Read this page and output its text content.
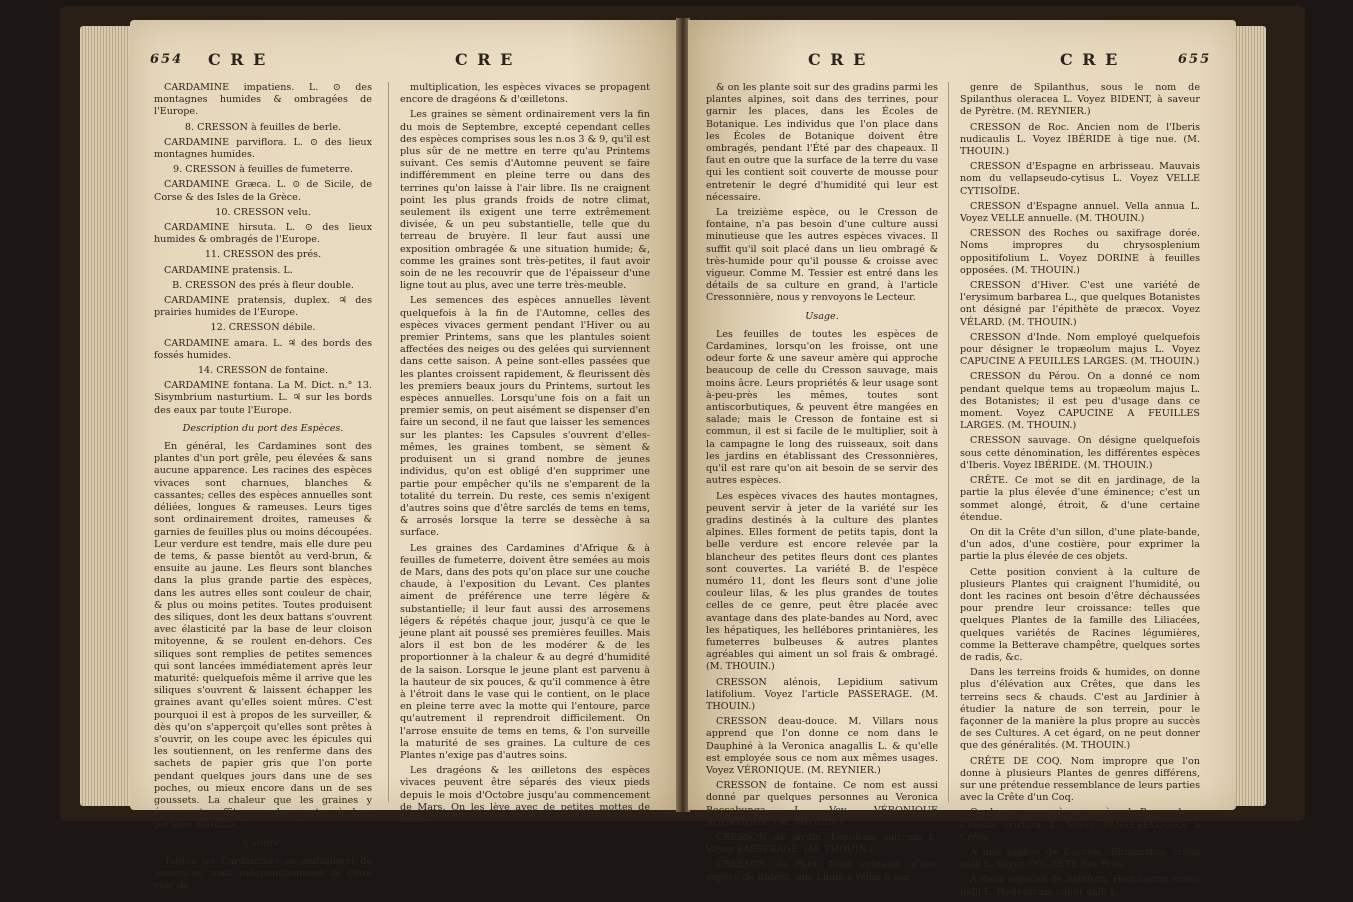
654 C R E	C R E

CARDAMINE impatiens. L. ⊙ des montagnes humides & ombragées de l'Europe.

8. CRESSON à feuilles de berle.

CARDAMINE parviflora. L. ⊙ des lieux montagnes humides.

9. CRESSON à feuilles de fumeterre.

CARDAMINE Græca. L. ⊙ de Sicile, de Corse & des Isles de la Grèce.

10. CRESSON velu.

CARDAMINE hirsuta. L. ⊙ des lieux humides & ombragés de l'Europe.

11. CRESSON des prés.

CARDAMINE pratensis. L.

B. CRESSON des prés à fleur double.

CARDAMINE pratensis, duplex. ♃ des prairies humides de l'Europe.

12. CRESSON débile.

CARDAMINE amara. L. ♃ des bords des fossés humides.

14. CRESSON de fontaine.

CARDAMINE fontana. La M. Dict. n.° 13. Sisymbrium nasturtium. L. ♃ sur les bords des eaux par toute l'Europe.

Description du port des Espèces.

En général, les Cardamines sont des plantes d'un port grêle, peu élevées & sans aucune apparence. Les racines des espèces vivaces sont charnues, blanches & cassantes; celles des espèces annuelles sont déliées, longues & rameuses. Leurs tiges sont ordinairement droites, rameuses & garnies de feuilles plus ou moins découpées. Leur verdure est tendre, mais elle dure peu de tems, & passe bientôt au verd-brun, & ensuite au jaune. Les fleurs sont blanches dans la plus grande partie des espèces, dans les autres elles sont couleur de chair, & plus ou moins petites. Toutes produisent des siliques, dont les deux battans s'ouvrent avec élasticité par la base de leur cloison mitoyenne, & se roulent en-dehors. Ces siliques sont remplies de petites semences qui sont lancées immédiatement après leur maturité: quelquefois même il arrive que les siliques s'ouvrent & laissent échapper les graines avant qu'elles soient mûres. C'est pourquoi il est à propos de les surveiller, & dès qu'on s'apperçoit qu'elles sont prêtes à s'ouvrir, on les coupe avec les épicules qui les soutiennent, on les renferme dans des sachets de papier gris que l'on porte pendant quelques jours dans une de ses poches, ou mieux encore dans un de ses goussets. La chaleur que les graines y éprouvent suffit pour les porter à leur parfaite maturité.

Culture.

Toutes les Cardamines se multiplient de semences, mais indépendamment de cette voie de

multiplication, les espèces vivaces se propagent encore de dragéons & d'œilletons.

Les graines se sèment ordinairement vers la fin du mois de Septembre, excepté cependant celles des espèces comprises sous les n.os 3 & 9, qu'il est plus sûr de ne mettre en terre qu'au Printems suivant. Ces semis d'Automne peuvent se faire indifféremment en pleine terre ou dans des terrines qu'on laisse à l'air libre. Ils ne craignent point les plus grands froids de notre climat, seulement ils exigent une terre extrêmement divisée, & un peu substantielle, telle que du terreau de bruyère. Il leur faut aussi une exposition ombragée & une situation humide; &, comme les graines sont très-petites, il faut avoir soin de ne les recouvrir que de l'épaisseur d'une ligne tout au plus, avec une terre très-meuble.

Les semences des espèces annuelles lèvent quelquefois à la fin de l'Automne, celles des espèces vivaces germent pendant l'Hiver ou au premier Printems, sans que les plantules soient affectées des neiges ou des gelées qui surviennent dans cette saison. A peine sont-elles passées que les plantes croissent rapidement, & fleurissent dès les premiers beaux jours du Printems, surtout les espèces annuelles. Lorsqu'une fois on a fait un premier semis, on peut aisément se dispenser d'en faire un second, il ne faut que laisser les semences sur les plantes: les Capsules s'ouvrent d'elles-mêmes, les graines tombent, se sèment & produisent un si grand nombre de jeunes individus, qu'on est obligé d'en supprimer une partie pour empêcher qu'ils ne s'emparent de la totalité du terrein. Du reste, ces semis n'exigent d'autres soins que d'être sarclés de tems en tems, & arrosés lorsque la terre se dessèche à sa surface.

Les graines des Cardamines d'Afrique & à feuilles de fumeterre, doivent être semées au mois de Mars, dans des pots qu'on place sur une couche chaude, à l'exposition du Levant. Ces plantes aiment de préférence une terre légère & substantielle; il leur faut aussi des arrosemens légers & répétés chaque jour, jusqu'à ce que le jeune plant ait poussé ses premières feuilles. Mais alors il est bon de les modérer & de les proportionner à la chaleur & au degré d'humidité de la saison. Lorsque le jeune plant est parvenu à la hauteur de six pouces, & qu'il commence à être à l'étroit dans le vase qui le contient, on le place en pleine terre avec la motte qui l'entoure, parce qu'autrement il reprendroit difficilement. On l'arrose ensuite de tems en tems, & l'on surveille la maturité de ses graines. La culture de ces Plantes n'exige pas d'autres soins.

Les dragéons & les œilletons des espèces vivaces peuvent être séparés des vieux pieds depuis le mois d'Octobre jusqu'au commencement de Mars. On les lève avec de petites mottes de terre,

C R E	C R E	655

& on les plante soit sur des gradins parmi les plantes alpines, soit dans des terrines, pour garnir les places, dans les Écoles de Botanique. Les individus que l'on place dans les Écoles de Botanique doivent être ombragés, pendant l'Été par des chapeaux. Il faut en outre que la surface de la terre du vase qui les contient soit couverte de mousse pour entretenir le degré d'humidité qui leur est nécessaire.

La treizième espèce, ou le Cresson de fontaine, n'a pas besoin d'une culture aussi minutieuse que les autres espèces vivaces. Il suffit qu'il soit placé dans un lieu ombragé & très-humide pour qu'il pousse & croisse avec vigueur. Comme M. Tessier est entré dans les détails de sa culture en grand, à l'article Cressonnière, nous y renvoyons le Lecteur.

Usage.

Les feuilles de toutes les espèces de Cardamines, lorsqu'on les froisse, ont une odeur forte & une saveur amère qui approche beaucoup de celle du Cresson sauvage, mais moins âcre. Leurs propriétés & leur usage sont à-peu-près les mêmes, toutes sont antiscorbutiques, & peuvent être mangées en salade; mais le Cresson de fontaine est si commun, il est si facile de le multiplier, soit à la campagne le long des ruisseaux, soit dans les jardins en établissant des Cressonnières, qu'il est rare qu'on ait besoin de se servir des autres espèces.

Les espèces vivaces des hautes montagnes, peuvent servir à jeter de la variété sur les gradins destinés à la culture des plantes alpines. Elles forment de petits tapis, dont la belle verdure est encore relevée par la blancheur des petites fleurs dont ces plantes sont couvertes. La variété B. de l'espèce numéro 11, dont les fleurs sont d'une jolie couleur lilas, & les plus grandes de toutes celles de ce genre, peut être placée avec avantage dans des plate-bandes au Nord, avec les hépatiques, les hellébores printanières, les fumeterres bulbeuses & autres plantes agréables qui aiment un sol frais & ombragé. (M. THOUIN.)

CRESSON alénois, Lepidium sativum latifolium. Voyez l'article PASSERAGE. (M. THOUIN.)

CRESSON deau-douce. M. Villars nous apprend que l'on donne ce nom dans le Dauphiné à la Veronica anagallis L. & qu'elle est employée sous ce nom aux mêmes usages. Voyez VÉRONIQUE. (M. REYNIER.)

CRESSON de fontaine. Ce nom est aussi donné par quelques personnes au Veronica Beccabunga. L. Voy. VÉRONIQUE AQUATIQUE. (M. THOUIN.)

CRESSON de jardin. Lepidium sativum L. Voyez PASSERAGE. (M. THOUIN.)

CRESSON de Para. Nom vulgaire, d'une espèce de Bident, que Linné a réuni à son

genre de Spilanthus, sous le nom de Spilanthus oleracea L. Voyez BIDENT, à saveur de Pyrètre. (M. REYNIER.)

CRESSON de Roc. Ancien nom de l'Iberis nudicaulis L. Voyez IBÉRIDE à tige nue. (M. THOUIN.)

CRESSON d'Espagne en arbrisseau. Mauvais nom du vellapseudo-cytisus L. Voyez VELLE CYTISOÏDE.

CRESSON d'Espagne annuel. Vella annua L. Voyez VELLE annuelle. (M. THOUIN.)

CRESSON des Roches ou saxifrage dorée. Noms impropres du chrysosplenium oppositifolium L. Voyez DORINE à feuilles opposées. (M. THOUIN.)

CRESSON d'Hiver. C'est une variété de l'erysimum barbarea L., que quelques Botanistes ont désigné par l'épithète de præcox. Voyez VÉLARD. (M. THOUIN.)

CRESSON d'Inde. Nom employé quelquefois pour désigner le tropæolum majus L. Voyez CAPUCINE A FEUILLES LARGES. (M. THOUIN.)

CRESSON du Pérou. On a donné ce nom pendant quelque tems au tropæolum majus L. des Botanistes; il est peu d'usage dans ce moment. Voyez CAPUCINE A FEUILLES LARGES. (M. THOUIN.)

CRESSON sauvage. On désigne quelquefois sous cette dénomination, les différentes espèces d'Iberis. Voyez IBÉRIDE. (M. THOUIN.)

CRÊTE. Ce mot se dit en jardinage, de la partie la plus élevée d'une éminence; c'est un sommet alongé, étroit, & d'une certaine étendue.

On dit la Crête d'un sillon, d'une plate-bande, d'un ados, d'une costière, pour exprimer la partie la plus élevée de ces objets.

Cette position convient à la culture de plusieurs Plantes qui craignent l'humidité, ou dont les racines ont besoin d'être déchaussées pour prendre leur croissance: telles que quelques Plantes de la famille des Liliacées, quelques variétés de Racines légumières, comme la Betterave champêtre, quelques sortes de radis, &c.

Dans les terreins froids & humides, on donne plus d'élévation aux Crêtes, que dans les terreins secs & chauds. C'est au Jardinier à étudier la nature de son terrein, pour le façonner de la manière la plus propre au succès de ses Cultures. A cet égard, on ne peut donner que des généralités. (M. THOUIN.)

CRÊTE DE COQ. Nom impropre que l'on donne à plusieurs Plantes de genres différens, sur une prétendue ressemblance de leurs parties avec la Crête d'un Coq.

On donne ce nom à une espèce de Passevelour, Celosia cristata L. Voyez PASSEVELOURS à Crête.

A une espèce de Cocrète. Rhinanthus crista galli L. Voyez COCRÈTE des Prés.

A deux espèces de Sainfoin. Hedysarum crista galli L. Hedysarum caput galli L.
